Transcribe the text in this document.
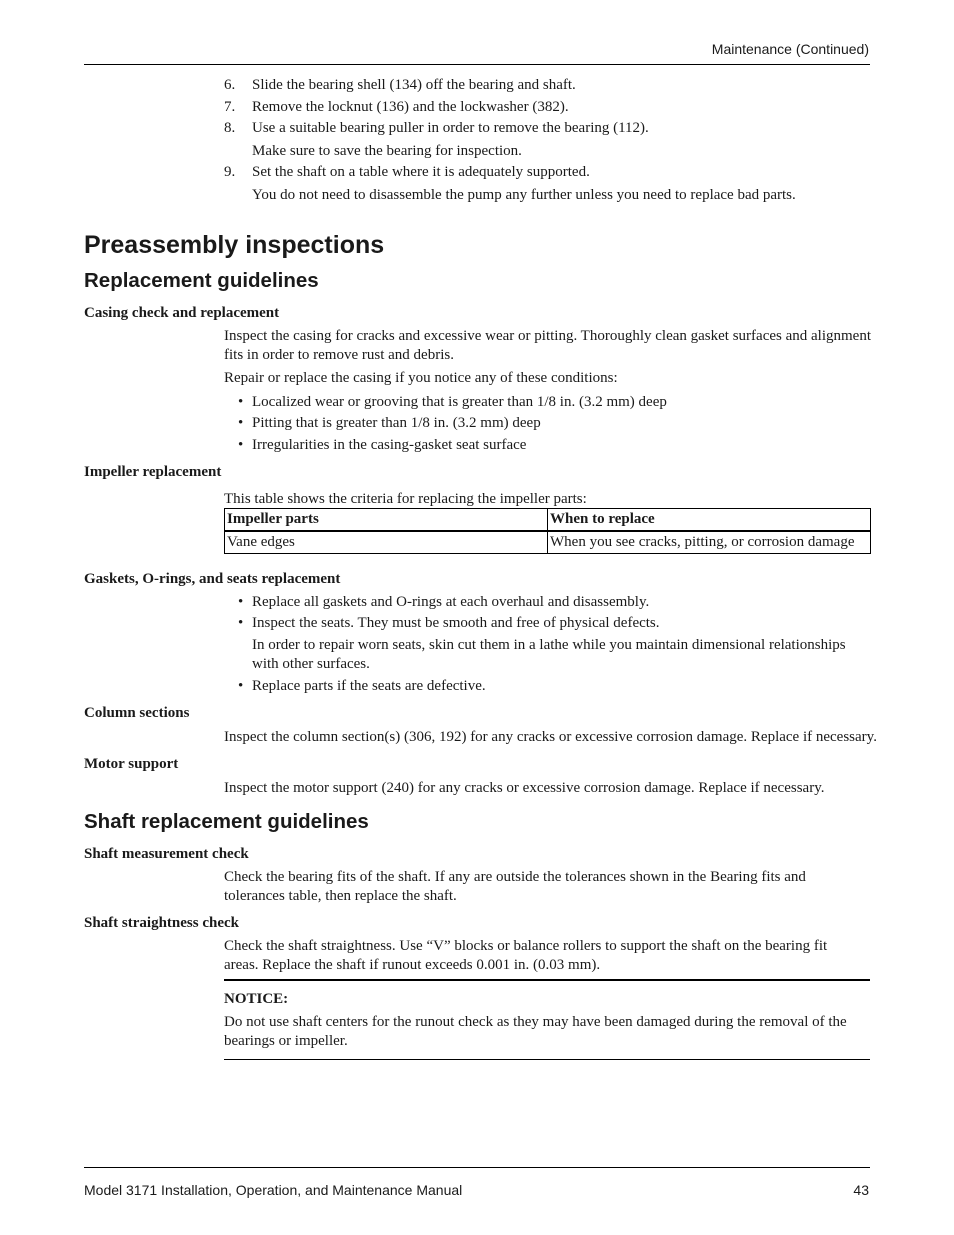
Maintenance (Continued)
6. Slide the bearing shell (134) off the bearing and shaft.
7. Remove the locknut (136) and the lockwasher (382).
8. Use a suitable bearing puller in order to remove the bearing (112).
Make sure to save the bearing for inspection.
9. Set the shaft on a table where it is adequately supported.
You do not need to disassemble the pump any further unless you need to replace bad parts.
Preassembly inspections
Replacement guidelines
Casing check and replacement
Inspect the casing for cracks and excessive wear or pitting. Thoroughly clean gasket surfaces and alignment fits in order to remove rust and debris.
Repair or replace the casing if you notice any of these conditions:
• Localized wear or grooving that is greater than 1/8 in. (3.2 mm) deep
• Pitting that is greater than 1/8 in. (3.2 mm) deep
• Irregularities in the casing-gasket seat surface
Impeller replacement
This table shows the criteria for replacing the impeller parts:
Impeller parts	When to replace
Vane edges	When you see cracks, pitting, or corrosion damage
Gaskets, O-rings, and seats replacement
• Replace all gaskets and O-rings at each overhaul and disassembly.
• Inspect the seats. They must be smooth and free of physical defects.
In order to repair worn seats, skin cut them in a lathe while you maintain dimensional relationships with other surfaces.
• Replace parts if the seats are defective.
Column sections
Inspect the column section(s) (306, 192) for any cracks or excessive corrosion damage. Replace if necessary.
Motor support
Inspect the motor support (240) for any cracks or excessive corrosion damage. Replace if necessary.
Shaft replacement guidelines
Shaft measurement check
Check the bearing fits of the shaft. If any are outside the tolerances shown in the Bearing fits and tolerances table, then replace the shaft.
Shaft straightness check
Check the shaft straightness. Use “V” blocks or balance rollers to support the shaft on the bearing fit areas. Replace the shaft if runout exceeds 0.001 in. (0.03 mm).
NOTICE:
Do not use shaft centers for the runout check as they may have been damaged during the removal of the bearings or impeller.
Model 3171 Installation, Operation, and Maintenance Manual	43
